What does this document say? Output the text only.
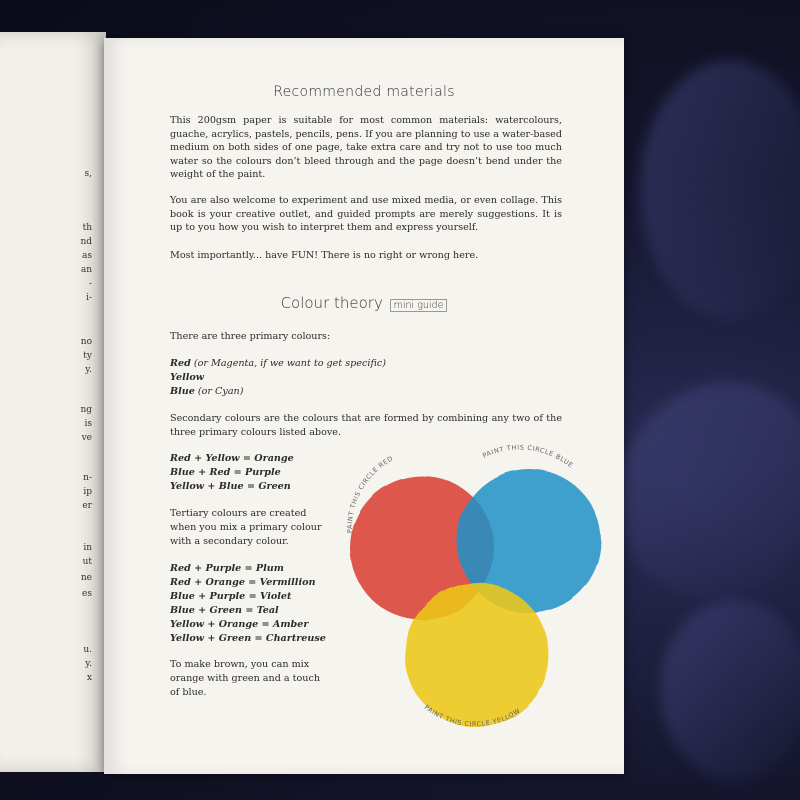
s,
th
nd
as
an
-
i-
no
ty
y.
ng
is
ve
n-
ip
er
in
ut
ne
es
u.
y.
x
Recommended materials
This 200gsm paper is suitable for most common materials: watercolours, guache, acrylics, pastels, pencils, pens. If you are planning to use a water-based medium on both sides of one page, take extra care and try not to use too much water so the colours don’t bleed through and the page doesn’t bend under the weight of the paint.
You are also welcome to experiment and use mixed media, or even collage. This book is your creative outlet, and guided prompts are merely suggestions. It is up to you how you wish to interpret them and express yourself.
Most importantly... have FUN! There is no right or wrong here.
Colour theory mini guide
There are three primary colours:
Red (or Magenta, if we want to get specific)
Yellow
Blue (or Cyan)
Secondary colours are the colours that are formed by combining any two of the three primary colours listed above.
Red + Yellow = Orange
Blue + Red = Purple
Yellow + Blue = Green
Tertiary colours are created
when you mix a primary colour
with a secondary colour.
Red + Purple = Plum
Red + Orange = Vermillion
Blue + Purple = Violet
Blue + Green = Teal
Yellow + Orange = Amber
Yellow + Green = Chartreuse
To make brown, you can mix
orange with green and a touch
of blue.
PAINT THIS CIRCLE RED	PAINT THIS CIRCLE BLUE
PAINT THIS CIRCLE YELLOW
